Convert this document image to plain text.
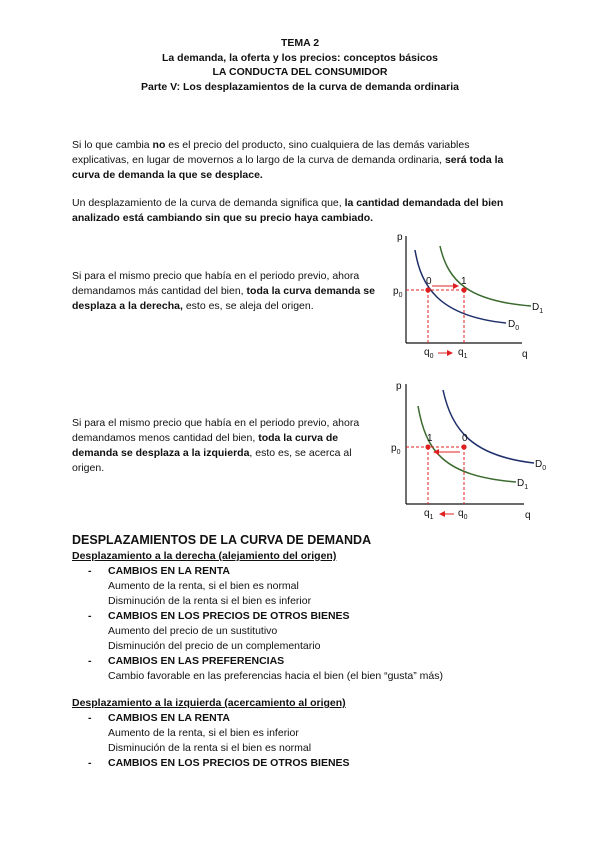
TEMA 2
La demanda, la oferta y los precios: conceptos básicos
LA CONDUCTA DEL CONSUMIDOR
Parte V: Los desplazamientos de la curva de demanda ordinaria
Si lo que cambia no es el precio del producto, sino cualquiera de las demás variables explicativas, en lugar de movernos a lo largo de la curva de demanda ordinaria, será toda la curva de demanda la que se desplace.
Un desplazamiento de la curva de demanda significa que, la cantidad demandada del bien analizado está cambiando sin que su precio haya cambiado.
Si para el mismo precio que había en el periodo previo, ahora demandamos más cantidad del bien, toda la curva demanda se desplaza a la derecha, esto es, se aleja del origen.
Si para el mismo precio que había en el periodo previo, ahora demandamos menos cantidad del bien, toda la curva de demanda se desplaza a la izquierda, esto es, se acerca al origen.
p
q
$p_0$
0	1
$D_1$
$D_0$
$q_0$ $q_1$
p
q
$p_0$
1	0
$D_0$
$D_1$
$q_1$ $q_0$
DESPLAZAMIENTOS DE LA CURVA DE DEMANDA
Desplazamiento a la derecha (alejamiento del origen)
Desplazamiento a la izquierda (acercamiento al origen)
- CAMBIOS EN LA RENTA
Aumento de la renta, si el bien es normal
Disminución de la renta si el bien es inferior
- CAMBIOS EN LOS PRECIOS DE OTROS BIENES
Aumento del precio de un sustitutivo
Disminución del precio de un complementario
- CAMBIOS EN LAS PREFERENCIAS
Cambio favorable en las preferencias hacia el bien (el bien “gusta” más)
- CAMBIOS EN LA RENTA
Aumento de la renta, si el bien es inferior
Disminución de la renta si el bien es normal
- CAMBIOS EN LOS PRECIOS DE OTROS BIENES
